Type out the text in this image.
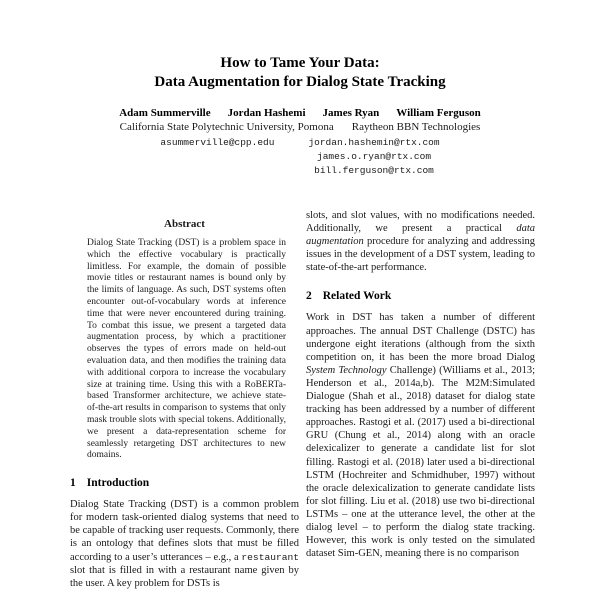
How to Tame Your Data:
Data Augmentation for Dialog State Tracking
Adam Summerville Jordan Hashemi James Ryan William Ferguson
California State Polytechnic University, Pomona Raytheon BBN Technologies
asummerville@cpp.edu	jordan.hashemin@rtx.com
james.o.ryan@rtx.com
bill.ferguson@rtx.com
Abstract
Dialog State Tracking (DST) is a problem space in which the effective vocabulary is practically limitless. For example, the domain of possible movie titles or restaurant names is bound only by the limits of language. As such, DST systems often encounter out-of-vocabulary words at inference time that were never encountered during training. To combat this issue, we present a targeted data augmentation process, by which a practitioner observes the types of errors made on held-out evaluation data, and then modifies the training data with additional corpora to increase the vocabulary size at training time. Using this with a RoBERTa-based Transformer architecture, we achieve state-of-the-art results in comparison to systems that only mask trouble slots with special tokens. Additionally, we present a data-representation scheme for seamlessly retargeting DST architectures to new domains.
1 Introduction
Dialog State Tracking (DST) is a common problem for modern task-oriented dialog systems that need to be capable of tracking user requests. Commonly, there is an ontology that defines slots that must be filled according to a user’s utterances – e.g., a restaurant slot that is filled in with a restaurant name given by the user. A key problem for DSTs is
slots, and slot values, with no modifications needed. Additionally, we present a practical data augmentation procedure for analyzing and addressing issues in the development of a DST system, leading to state-of-the-art performance.
2 Related Work
Work in DST has taken a number of different approaches. The annual DST Challenge (DSTC) has undergone eight iterations (although from the sixth competition on, it has been the more broad Dialog System Technology Challenge) (Williams et al., 2013; Henderson et al., 2014a,b). The M2M:Simulated Dialogue (Shah et al., 2018) dataset for dialog state tracking has been addressed by a number of different approaches. Rastogi et al. (2017) used a bi-directional GRU (Chung et al., 2014) along with an oracle delexicalizer to generate a candidate list for slot filling. Rastogi et al. (2018) later used a bi-directional LSTM (Hochreiter and Schmidhuber, 1997) without the oracle delexicalization to generate candidate lists for slot filling. Liu et al. (2018) use two bi-directional LSTMs – one at the utterance level, the other at the dialog level – to perform the dialog state tracking. However, this work is only tested on the simulated dataset Sim-GEN, meaning there is no comparison
